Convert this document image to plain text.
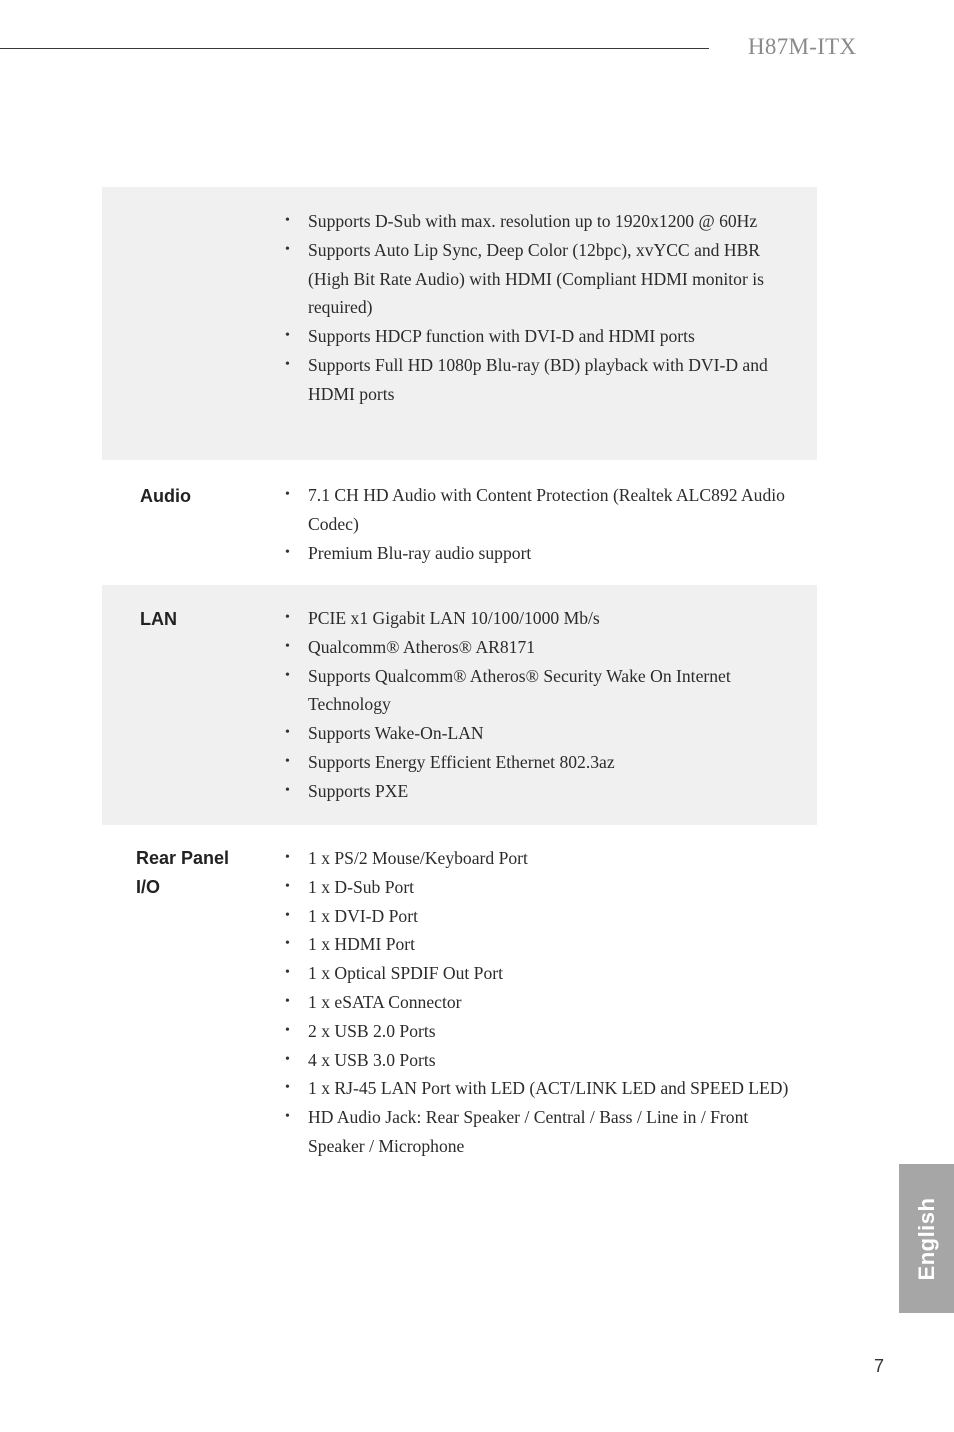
H87M-ITX
• Supports D-Sub with max. resolution up to 1920x1200 @ 60Hz
• Supports Auto Lip Sync, Deep Color (12bpc), xvYCC and HBR (High Bit Rate Audio) with HDMI (Compliant HDMI monitor is required)
• Supports HDCP function with DVI-D and HDMI ports
• Supports Full HD 1080p Blu-ray (BD) playback with DVI-D and HDMI ports
Audio	• 7.1 CH HD Audio with Content Protection (Realtek ALC892 Audio Codec)
• Premium Blu-ray audio support
LAN	• PCIE x1 Gigabit LAN 10/100/1000 Mb/s
• Qualcomm® Atheros® AR8171
• Supports Qualcomm® Atheros® Security Wake On Internet Technology
• Supports Wake-On-LAN
• Supports Energy Efficient Ethernet 802.3az
• Supports PXE
Rear Panel
I/O
• 1 x PS/2 Mouse/Keyboard Port
• 1 x D-Sub Port
• 1 x DVI-D Port
• 1 x HDMI Port
• 1 x Optical SPDIF Out Port
• 1 x eSATA Connector
• 2 x USB 2.0 Ports
• 4 x USB 3.0 Ports
• 1 x RJ-45 LAN Port with LED (ACT/LINK LED and SPEED LED)
• HD Audio Jack: Rear Speaker / Central / Bass / Line in / Front Speaker / Microphone
English
7
